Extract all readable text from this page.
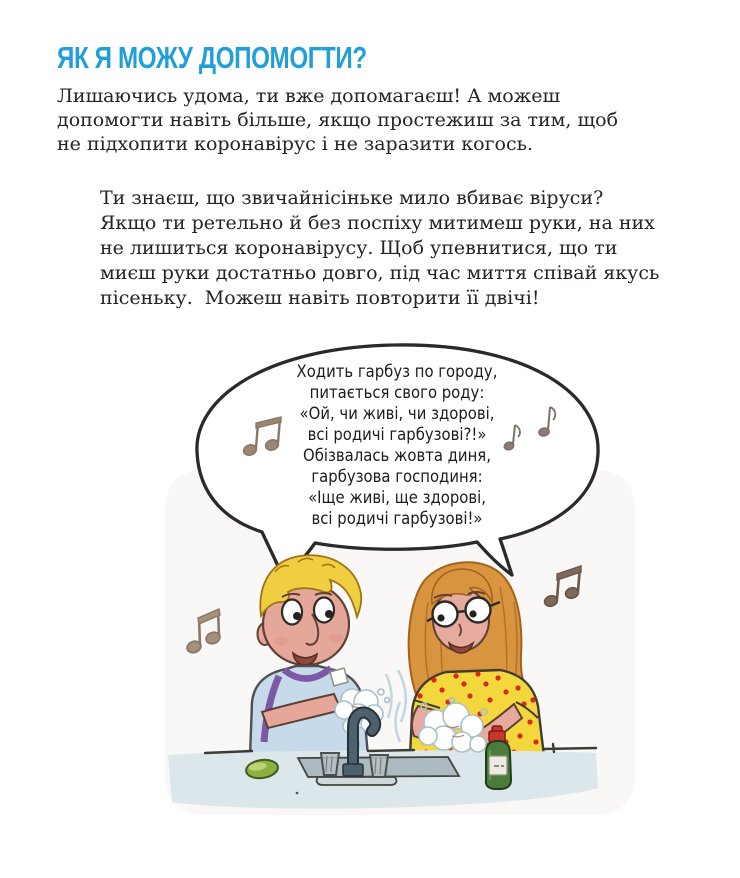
ЯК Я МОЖУ ДОПОМОГТИ?
Лишаючись удома, ти вже допомагаєш! А можеш
допомогти навіть більше, якщо простежиш за тим, щоб
не підхопити коронавірус і не заразити когось.
Ти знаєш, що звичайнісіньке мило вбиває віруси?
Якщо ти ретельно й без поспіху митимеш руки, на них
не лишиться коронавірусу. Щоб упевнитися, що ти
миєш руки достатньо довго, під час миття співай якусь
пісеньку.  Можеш навіть повторити її двічі!
Ходить гарбуз по городу,
питається свого роду:
«Ой, чи живі, чи здорові,
всі родичі гарбузові?!»
Обізвалась жовта диня,
гарбузова господиня:
«Іще живі, ще здорові,
всі родичі гарбузові!»
